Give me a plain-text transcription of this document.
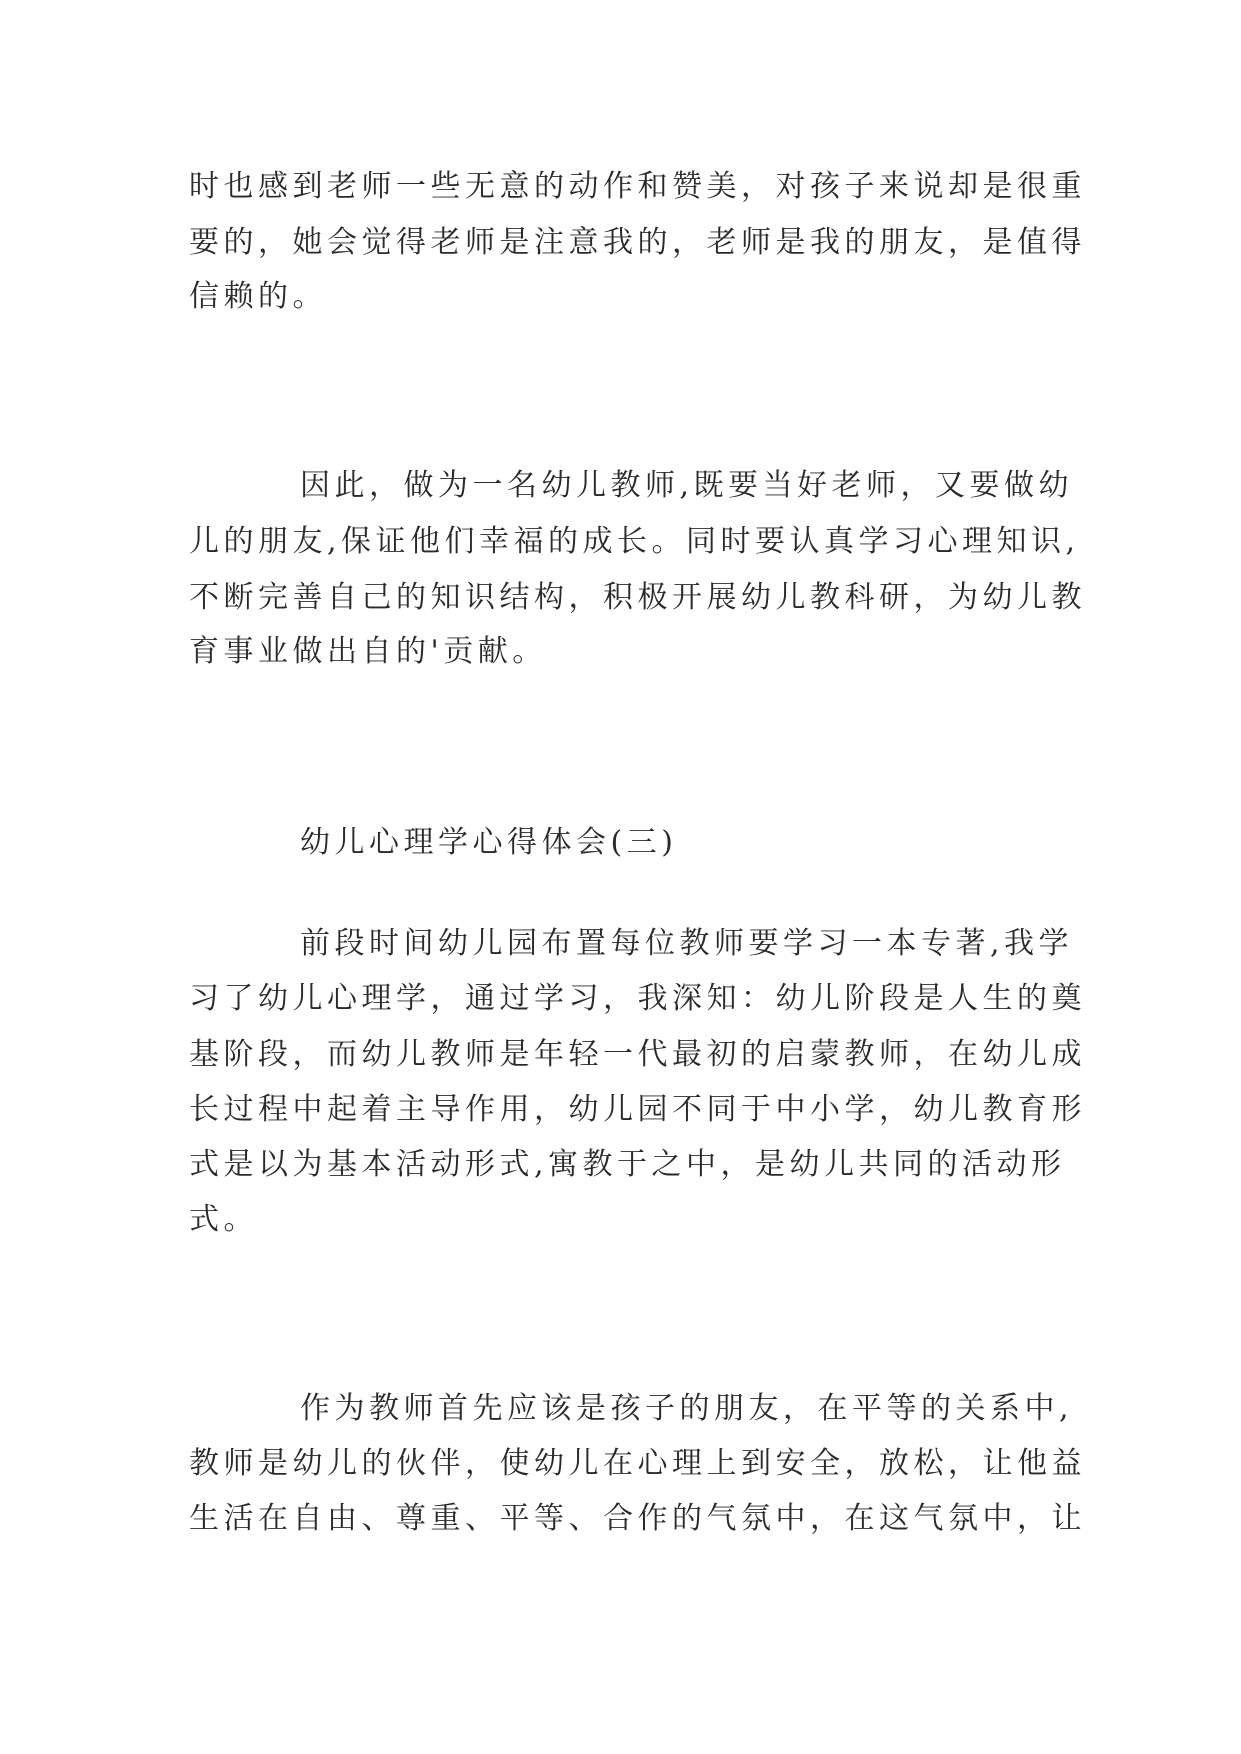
时也感到老师一些无意的动作和赞美，对孩子来说却是很重
要的，她会觉得老师是注意我的，老师是我的朋友，是值得
信赖的。
因此，做为一名幼儿教师,既要当好老师，又要做幼
儿的朋友,保证他们幸福的成长。同时要认真学习心理知识,
不断完善自己的知识结构，积极开展幼儿教科研，为幼儿教
育事业做出自的'贡献。
幼儿心理学心得体会(三)
前段时间幼儿园布置每位教师要学习一本专著,我学
习了幼儿心理学，通过学习，我深知：幼儿阶段是人生的奠
基阶段，而幼儿教师是年轻一代最初的启蒙教师，在幼儿成
长过程中起着主导作用，幼儿园不同于中小学，幼儿教育形
式是以为基本活动形式,寓教于之中，是幼儿共同的活动形
式。
作为教师首先应该是孩子的朋友，在平等的关系中,
教师是幼儿的伙伴，使幼儿在心理上到安全，放松，让他益
生活在自由、尊重、平等、合作的气氛中，在这气氛中，让
